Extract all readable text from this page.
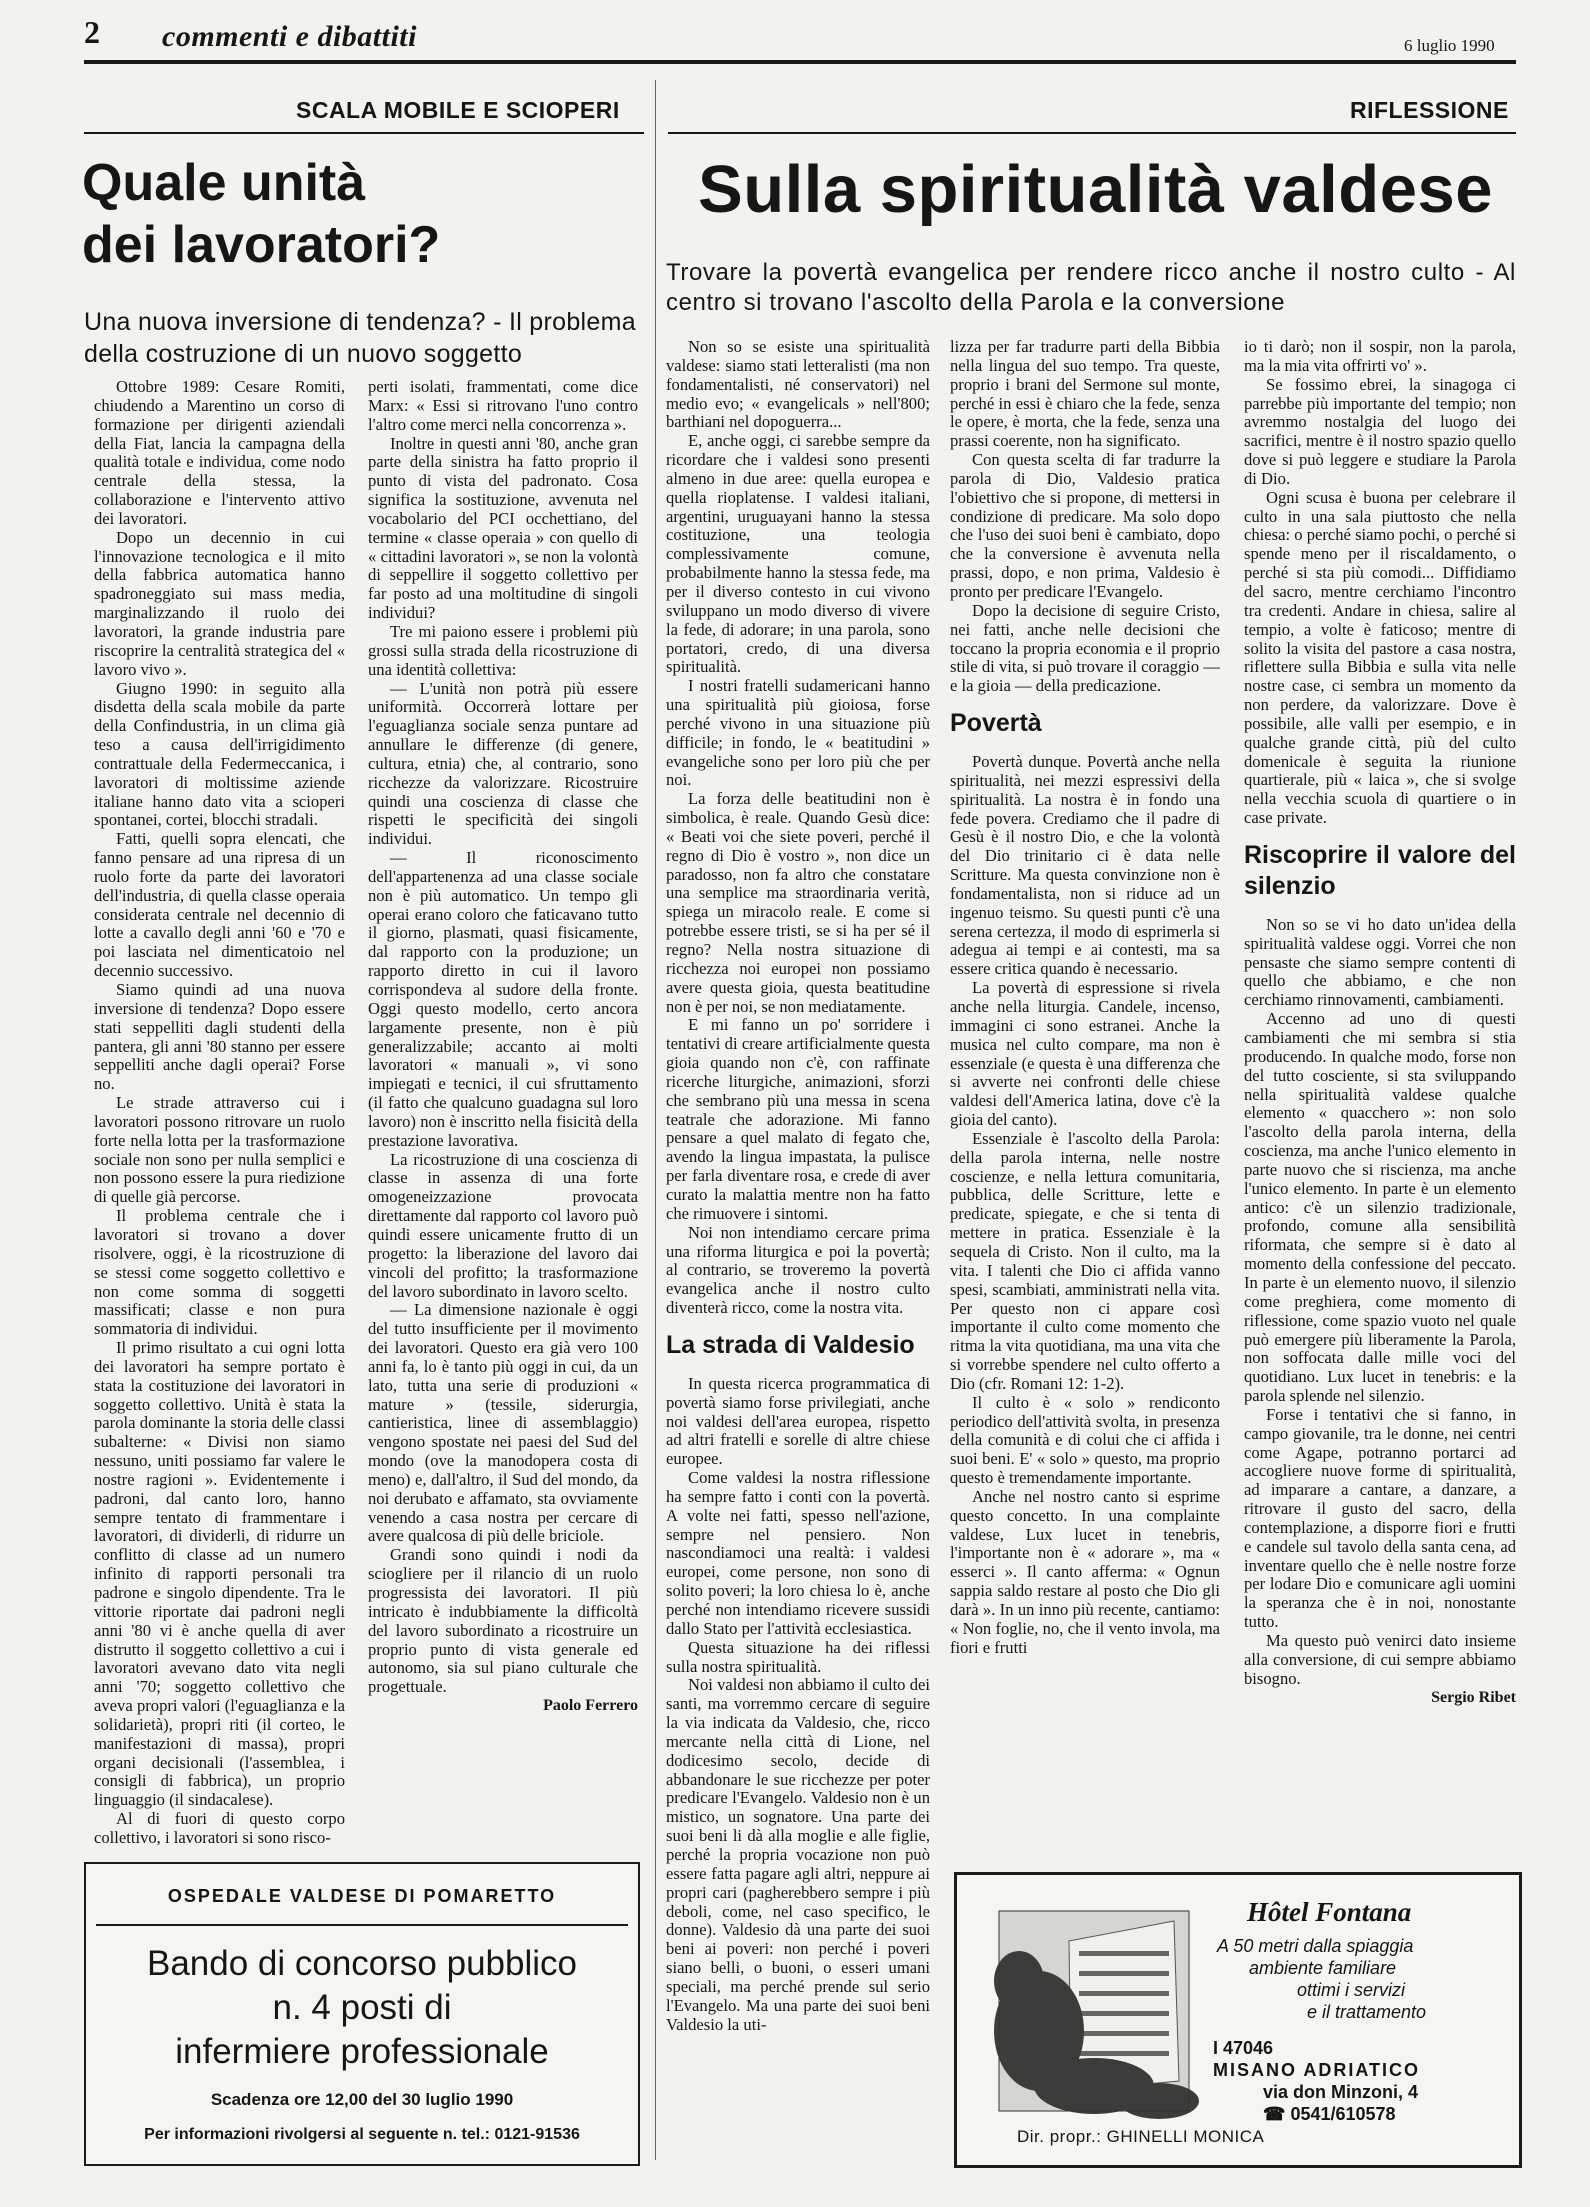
2 commenti e dibattiti	6 luglio 1990
SCALA MOBILE E SCIOPERI
Quale unità
dei lavoratori?
Una nuova inversione di tendenza? - Il problema della costruzione di un nuovo soggetto

Ottobre 1989: Cesare Romiti, chiudendo a Marentino un corso di formazione per dirigenti aziendali della Fiat, lancia la campagna della qualità totale e individua, come nodo centrale della stessa, la collaborazione e l'intervento attivo dei lavoratori.

Dopo un decennio in cui l'innovazione tecnologica e il mito della fabbrica automatica hanno spadroneggiato sui mass media, marginalizzando il ruolo dei lavoratori, la grande industria pare riscoprire la centralità strategica del « lavoro vivo ».

Giugno 1990: in seguito alla disdetta della scala mobile da parte della Confindustria, in un clima già teso a causa dell'irrigidimento contrattuale della Federmeccanica, i lavoratori di moltissime aziende italiane hanno dato vita a scioperi spontanei, cortei, blocchi stradali.

Fatti, quelli sopra elencati, che fanno pensare ad una ripresa di un ruolo forte da parte dei lavoratori dell'industria, di quella classe operaia considerata centrale nel decennio di lotte a cavallo degli anni '60 e '70 e poi lasciata nel dimenticatoio nel decennio successivo.

Siamo quindi ad una nuova inversione di tendenza? Dopo essere stati seppelliti dagli studenti della pantera, gli anni '80 stanno per essere seppelliti anche dagli operai? Forse no.

Le strade attraverso cui i lavoratori possono ritrovare un ruolo forte nella lotta per la trasformazione sociale non sono per nulla semplici e non possono essere la pura riedizione di quelle già percorse.

Il problema centrale che i lavoratori si trovano a dover risolvere, oggi, è la ricostruzione di se stessi come soggetto collettivo e non come somma di soggetti massificati; classe e non pura sommatoria di individui.

Il primo risultato a cui ogni lotta dei lavoratori ha sempre portato è stata la costituzione dei lavoratori in soggetto collettivo. Unità è stata la parola dominante la storia delle classi subalterne: « Divisi non siamo nessuno, uniti possiamo far valere le nostre ragioni ». Evidentemente i padroni, dal canto loro, hanno sempre tentato di frammentare i lavoratori, di dividerli, di ridurre un conflitto di classe ad un numero infinito di rapporti personali tra padrone e singolo dipendente. Tra le vittorie riportate dai padroni negli anni '80 vi è anche quella di aver distrutto il soggetto collettivo a cui i lavoratori avevano dato vita negli anni '70; soggetto collettivo che aveva propri valori (l'eguaglianza e la solidarietà), propri riti (il corteo, le manifestazioni di massa), propri organi decisionali (l'assemblea, i consigli di fabbrica), un proprio linguaggio (il sindacalese).

Al di fuori di questo corpo collettivo, i lavoratori si sono risco-

perti isolati, frammentati, come dice Marx: « Essi si ritrovano l'uno contro l'altro come merci nella concorrenza ».

Inoltre in questi anni '80, anche gran parte della sinistra ha fatto proprio il punto di vista del padronato. Cosa significa la sostituzione, avvenuta nel vocabolario del PCI occhettiano, del termine « classe operaia » con quello di « cittadini lavoratori », se non la volontà di seppellire il soggetto collettivo per far posto ad una moltitudine di singoli individui?

Tre mi paiono essere i problemi più grossi sulla strada della ricostruzione di una identità collettiva:

— L'unità non potrà più essere uniformità. Occorrerà lottare per l'eguaglianza sociale senza puntare ad annullare le differenze (di genere, cultura, etnia) che, al contrario, sono ricchezze da valorizzare. Ricostruire quindi una coscienza di classe che rispetti le specificità dei singoli individui.

— Il riconoscimento dell'appartenenza ad una classe sociale non è più automatico. Un tempo gli operai erano coloro che faticavano tutto il giorno, plasmati, quasi fisicamente, dal rapporto con la produzione; un rapporto diretto in cui il lavoro corrispondeva al sudore della fronte. Oggi questo modello, certo ancora largamente presente, non è più generalizzabile; accanto ai molti lavoratori « manuali », vi sono impiegati e tecnici, il cui sfruttamento (il fatto che qualcuno guadagna sul loro lavoro) non è inscritto nella fisicità della prestazione lavorativa.

La ricostruzione di una coscienza di classe in assenza di una forte omogeneizzazione provocata direttamente dal rapporto col lavoro può quindi essere unicamente frutto di un progetto: la liberazione del lavoro dai vincoli del profitto; la trasformazione del lavoro subordinato in lavoro scelto.

— La dimensione nazionale è oggi del tutto insufficiente per il movimento dei lavoratori. Questo era già vero 100 anni fa, lo è tanto più oggi in cui, da un lato, tutta una serie di produzioni « mature » (tessile, siderurgia, cantieristica, linee di assemblaggio) vengono spostate nei paesi del Sud del mondo (ove la manodopera costa di meno) e, dall'altro, il Sud del mondo, da noi derubato e affamato, sta ovviamente venendo a casa nostra per cercare di avere qualcosa di più delle briciole.

Grandi sono quindi i nodi da sciogliere per il rilancio di un ruolo progressista dei lavoratori. Il più intricato è indubbiamente la difficoltà del lavoro subordinato a ricostruire un proprio punto di vista generale ed autonomo, sia sul piano culturale che progettuale.

Paolo Ferrero

RIFLESSIONE
Sulla spiritualità valdese
Trovare la povertà evangelica per rendere ricco anche il nostro culto - Al centro si trovano l'ascolto della Parola e la conversione

Non so se esiste una spiritualità valdese: siamo stati letteralisti (ma non fondamentalisti, né conservatori) nel medio evo; « evangelicals » nell'800; barthiani nel dopoguerra...

E, anche oggi, ci sarebbe sempre da ricordare che i valdesi sono presenti almeno in due aree: quella europea e quella rioplatense. I valdesi italiani, argentini, uruguayani hanno la stessa costituzione, una teologia complessivamente comune, probabilmente hanno la stessa fede, ma per il diverso contesto in cui vivono sviluppano un modo diverso di vivere la fede, di adorare; in una parola, sono portatori, credo, di una diversa spiritualità.

I nostri fratelli sudamericani hanno una spiritualità più gioiosa, forse perché vivono in una situazione più difficile; in fondo, le « beatitudini » evangeliche sono per loro più che per noi.

La forza delle beatitudini non è simbolica, è reale. Quando Gesù dice: « Beati voi che siete poveri, perché il regno di Dio è vostro », non dice un paradosso, non fa altro che constatare una semplice ma straordinaria verità, spiega un miracolo reale. E come si potrebbe essere tristi, se si ha per sé il regno? Nella nostra situazione di ricchezza noi europei non possiamo avere questa gioia, questa beatitudine non è per noi, se non mediatamente.

E mi fanno un po' sorridere i tentativi di creare artificialmente questa gioia quando non c'è, con raffinate ricerche liturgiche, animazioni, sforzi che sembrano più una messa in scena teatrale che adorazione. Mi fanno pensare a quel malato di fegato che, avendo la lingua impastata, la pulisce per farla diventare rosa, e crede di aver curato la malattia mentre non ha fatto che rimuovere i sintomi.

Noi non intendiamo cercare prima una riforma liturgica e poi la povertà; al contrario, se troveremo la povertà evangelica anche il nostro culto diventerà ricco, come la nostra vita.

La strada di Valdesio

In questa ricerca programmatica di povertà siamo forse privilegiati, anche noi valdesi dell'area europea, rispetto ad altri fratelli e sorelle di altre chiese europee.

Come valdesi la nostra riflessione ha sempre fatto i conti con la povertà. A volte nei fatti, spesso nell'azione, sempre nel pensiero. Non nascondiamoci una realtà: i valdesi europei, come persone, non sono di solito poveri; la loro chiesa lo è, anche perché non intendiamo ricevere sussidi dallo Stato per l'attività ecclesiastica.

Questa situazione ha dei riflessi sulla nostra spiritualità.

Noi valdesi non abbiamo il culto dei santi, ma vorremmo cercare di seguire la via indicata da Valdesio, che, ricco mercante nella città di Lione, nel dodicesimo secolo, decide di abbandonare le sue ricchezze per poter predicare l'Evangelo. Valdesio non è un mistico, un sognatore. Una parte dei suoi beni li dà alla moglie e alle figlie, perché la propria vocazione non può essere fatta pagare agli altri, neppure ai propri cari (pagherebbero sempre i più deboli, come, nel caso specifico, le donne). Valdesio dà una parte dei suoi beni ai poveri: non perché i poveri siano belli, o buoni, o esseri umani speciali, ma perché prende sul serio l'Evangelo. Ma una parte dei suoi beni Valdesio la uti-

lizza per far tradurre parti della Bibbia nella lingua del suo tempo. Tra queste, proprio i brani del Sermone sul monte, perché in essi è chiaro che la fede, senza le opere, è morta, che la fede, senza una prassi coerente, non ha significato.

Con questa scelta di far tradurre la parola di Dio, Valdesio pratica l'obiettivo che si propone, di mettersi in condizione di predicare. Ma solo dopo che l'uso dei suoi beni è cambiato, dopo che la conversione è avvenuta nella prassi, dopo, e non prima, Valdesio è pronto per predicare l'Evangelo.

Dopo la decisione di seguire Cristo, nei fatti, anche nelle decisioni che toccano la propria economia e il proprio stile di vita, si può trovare il coraggio — e la gioia — della predicazione.

Povertà

Povertà dunque. Povertà anche nella spiritualità, nei mezzi espressivi della spiritualità. La nostra è in fondo una fede povera. Crediamo che il padre di Gesù è il nostro Dio, e che la volontà del Dio trinitario ci è data nelle Scritture. Ma questa convinzione non è fondamentalista, non si riduce ad un ingenuo teismo. Su questi punti c'è una serena certezza, il modo di esprimerla si adegua ai tempi e ai contesti, ma sa essere critica quando è necessario.

La povertà di espressione si rivela anche nella liturgia. Candele, incenso, immagini ci sono estranei. Anche la musica nel culto compare, ma non è essenziale (e questa è una differenza che si avverte nei confronti delle chiese valdesi dell'America latina, dove c'è la gioia del canto).

Essenziale è l'ascolto della Parola: della parola interna, nelle nostre coscienze, e nella lettura comunitaria, pubblica, delle Scritture, lette e predicate, spiegate, e che si tenta di mettere in pratica. Essenziale è la sequela di Cristo. Non il culto, ma la vita. I talenti che Dio ci affida vanno spesi, scambiati, amministrati nella vita. Per questo non ci appare così importante il culto come momento che ritma la vita quotidiana, ma una vita che si vorrebbe spendere nel culto offerto a Dio (cfr. Romani 12: 1-2).

Il culto è « solo » rendiconto periodico dell'attività svolta, in presenza della comunità e di colui che ci affida i suoi beni. E' « solo » questo, ma proprio questo è tremendamente importante.

Anche nel nostro canto si esprime questo concetto. In una complainte valdese, Lux lucet in tenebris, l'importante non è « adorare », ma « esserci ». Il canto afferma: « Ognun sappia saldo restare al posto che Dio gli darà ». In un inno più recente, cantiamo: « Non foglie, no, che il vento invola, ma fiori e frutti

io ti darò; non il sospir, non la parola, ma la mia vita offrirti vo' ».

Se fossimo ebrei, la sinagoga ci parrebbe più importante del tempio; non avremmo nostalgia del luogo dei sacrifici, mentre è il nostro spazio quello dove si può leggere e studiare la Parola di Dio.

Ogni scusa è buona per celebrare il culto in una sala piuttosto che nella chiesa: o perché siamo pochi, o perché si spende meno per il riscaldamento, o perché si sta più comodi... Diffidiamo del sacro, mentre cerchiamo l'incontro tra credenti. Andare in chiesa, salire al tempio, a volte è faticoso; mentre di solito la visita del pastore a casa nostra, riflettere sulla Bibbia e sulla vita nelle nostre case, ci sembra un momento da non perdere, da valorizzare. Dove è possibile, alle valli per esempio, e in qualche grande città, più del culto domenicale è seguita la riunione quartierale, più « laica », che si svolge nella vecchia scuola di quartiere o in case private.

Riscoprire il valore del silenzio

Non so se vi ho dato un'idea della spiritualità valdese oggi. Vorrei che non pensaste che siamo sempre contenti di quello che abbiamo, e che non cerchiamo rinnovamenti, cambiamenti.

Accenno ad uno di questi cambiamenti che mi sembra si stia producendo. In qualche modo, forse non del tutto cosciente, si sta sviluppando nella spiritualità valdese qualche elemento « quacchero »: non solo l'ascolto della parola interna, della coscienza, ma anche l'unico elemento in parte nuovo che si riscienza, ma anche l'unico elemento. In parte è un elemento antico: c'è un silenzio tradizionale, profondo, comune alla sensibilità riformata, che sempre si è dato al momento della confessione del peccato. In parte è un elemento nuovo, il silenzio come preghiera, come momento di riflessione, come spazio vuoto nel quale può emergere più liberamente la Parola, non soffocata dalle mille voci del quotidiano. Lux lucet in tenebris: e la parola splende nel silenzio.

Forse i tentativi che si fanno, in campo giovanile, tra le donne, nei centri come Agape, potranno portarci ad accogliere nuove forme di spiritualità, ad imparare a cantare, a danzare, a ritrovare il gusto del sacro, della contemplazione, a disporre fiori e frutti e candele sul tavolo della santa cena, ad inventare quello che è nelle nostre forze per lodare Dio e comunicare agli uomini la speranza che è in noi, nonostante tutto.

Ma questo può venirci dato insieme alla conversione, di cui sempre abbiamo bisogno.

Sergio Ribet

OSPEDALE VALDESE DI POMARETTO
Bando di concorso pubblico
n. 4 posti di
infermiere professionale
Scadenza ore 12,00 del 30 luglio 1990
Per informazioni rivolgersi al seguente n. tel.: 0121-91536
Hôtel Fontana
A 50 metri dalla spiaggia
ambiente familiare
ottimi i servizi
e il trattamento
I 47046
MISANO ADRIATICO
via don Minzoni, 4
☎ 0541/610578
Dir. propr.: GHINELLI MONICA
